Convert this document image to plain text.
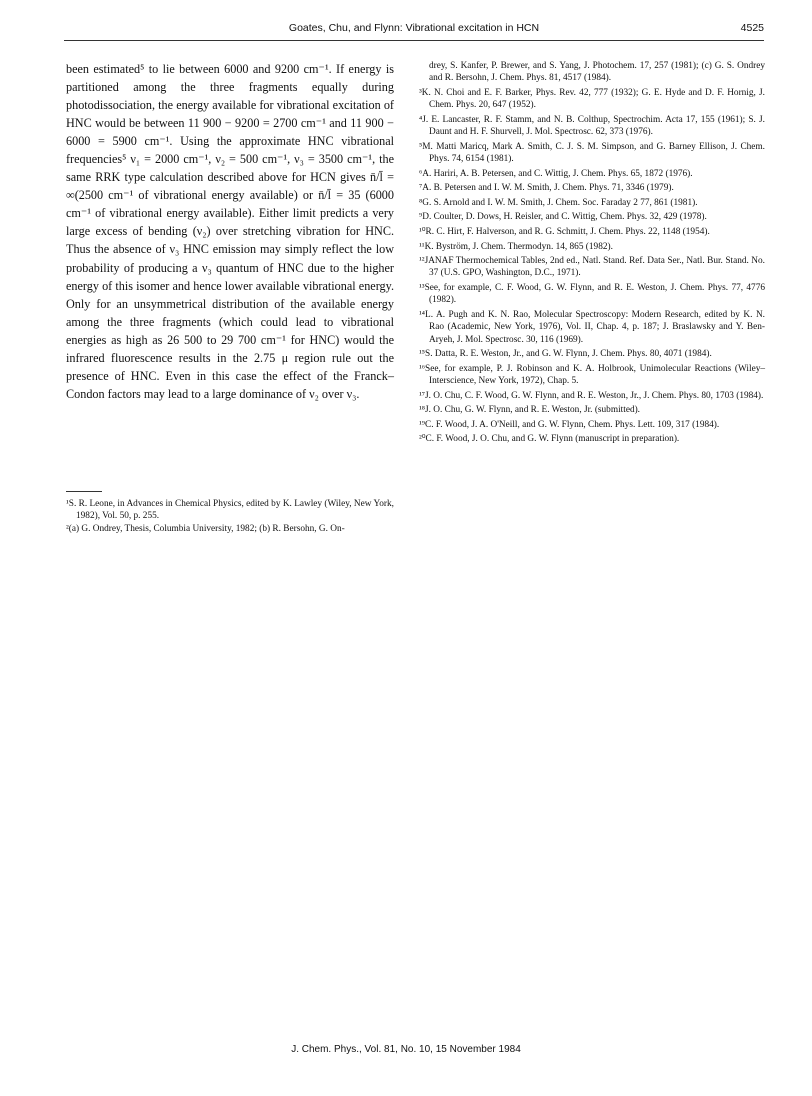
Goates, Chu, and Flynn: Vibrational excitation in HCN	4525

been estimated⁵ to lie between 6000 and 9200 cm⁻¹. If energy is partitioned among the three fragments equally during photodissociation, the energy available for vibrational excitation of HNC would be between 11 900 − 9200 = 2700 cm⁻¹ and 11 900 − 6000 = 5900 cm⁻¹. Using the approximate HNC vibrational frequencies⁵ ν₁ = 2000 cm⁻¹, ν₂ = 500 cm⁻¹, ν₃ = 3500 cm⁻¹, the same RRK type calculation described above for HCN gives n̄/l̄ = ∞(2500 cm⁻¹ of vibrational energy available) or n̄/l̄ = 35 (6000 cm⁻¹ of vibrational energy available). Either limit predicts a very large excess of bending (ν₂) over stretching vibration for HNC. Thus the absence of ν₃ HNC emission may simply reflect the low probability of producing a ν₃ quantum of HNC due to the higher energy of this isomer and hence lower available vibrational energy. Only for an unsymmetrical distribution of the available energy among the three fragments (which could lead to vibrational energies as high as 26 500 to 29 700 cm⁻¹ for HNC) would the infrared fluorescence results in the 2.75 μ region rule out the presence of HNC. Even in this case the effect of the Franck–Condon factors may lead to a large dominance of ν₂ over ν₃.

¹S. R. Leone, in Advances in Chemical Physics, edited by K. Lawley (Wiley, New York, 1982), Vol. 50, p. 255.

²(a) G. Ondrey, Thesis, Columbia University, 1982; (b) R. Bersohn, G. On-

drey, S. Kanfer, P. Brewer, and S. Yang, J. Photochem. 17, 257 (1981); (c) G. S. Ondrey and R. Bersohn, J. Chem. Phys. 81, 4517 (1984).

³K. N. Choi and E. F. Barker, Phys. Rev. 42, 777 (1932); G. E. Hyde and D. F. Hornig, J. Chem. Phys. 20, 647 (1952).

⁴J. E. Lancaster, R. F. Stamm, and N. B. Colthup, Spectrochim. Acta 17, 155 (1961); S. J. Daunt and H. F. Shurvell, J. Mol. Spectrosc. 62, 373 (1976).

⁵M. Matti Maricq, Mark A. Smith, C. J. S. M. Simpson, and G. Barney Ellison, J. Chem. Phys. 74, 6154 (1981).

⁶A. Hariri, A. B. Petersen, and C. Wittig, J. Chem. Phys. 65, 1872 (1976).

⁷A. B. Petersen and I. W. M. Smith, J. Chem. Phys. 71, 3346 (1979).

⁸G. S. Arnold and I. W. M. Smith, J. Chem. Soc. Faraday 2 77, 861 (1981).

⁹D. Coulter, D. Dows, H. Reisler, and C. Wittig, Chem. Phys. 32, 429 (1978).

¹⁰R. C. Hirt, F. Halverson, and R. G. Schmitt, J. Chem. Phys. 22, 1148 (1954).

¹¹K. Byström, J. Chem. Thermodyn. 14, 865 (1982).

¹²JANAF Thermochemical Tables, 2nd ed., Natl. Stand. Ref. Data Ser., Natl. Bur. Stand. No. 37 (U.S. GPO, Washington, D.C., 1971).

¹³See, for example, C. F. Wood, G. W. Flynn, and R. E. Weston, J. Chem. Phys. 77, 4776 (1982).

¹⁴L. A. Pugh and K. N. Rao, Molecular Spectroscopy: Modern Research, edited by K. N. Rao (Academic, New York, 1976), Vol. II, Chap. 4, p. 187; J. Braslawsky and Y. Ben-Aryeh, J. Mol. Spectrosc. 30, 116 (1969).

¹⁵S. Datta, R. E. Weston, Jr., and G. W. Flynn, J. Chem. Phys. 80, 4071 (1984).

¹⁶See, for example, P. J. Robinson and K. A. Holbrook, Unimolecular Reactions (Wiley–Interscience, New York, 1972), Chap. 5.

¹⁷J. O. Chu, C. F. Wood, G. W. Flynn, and R. E. Weston, Jr., J. Chem. Phys. 80, 1703 (1984).

¹⁸J. O. Chu, G. W. Flynn, and R. E. Weston, Jr. (submitted).

¹⁹C. F. Wood, J. A. O'Neill, and G. W. Flynn, Chem. Phys. Lett. 109, 317 (1984).

²⁰C. F. Wood, J. O. Chu, and G. W. Flynn (manuscript in preparation).

J. Chem. Phys., Vol. 81, No. 10, 15 November 1984
